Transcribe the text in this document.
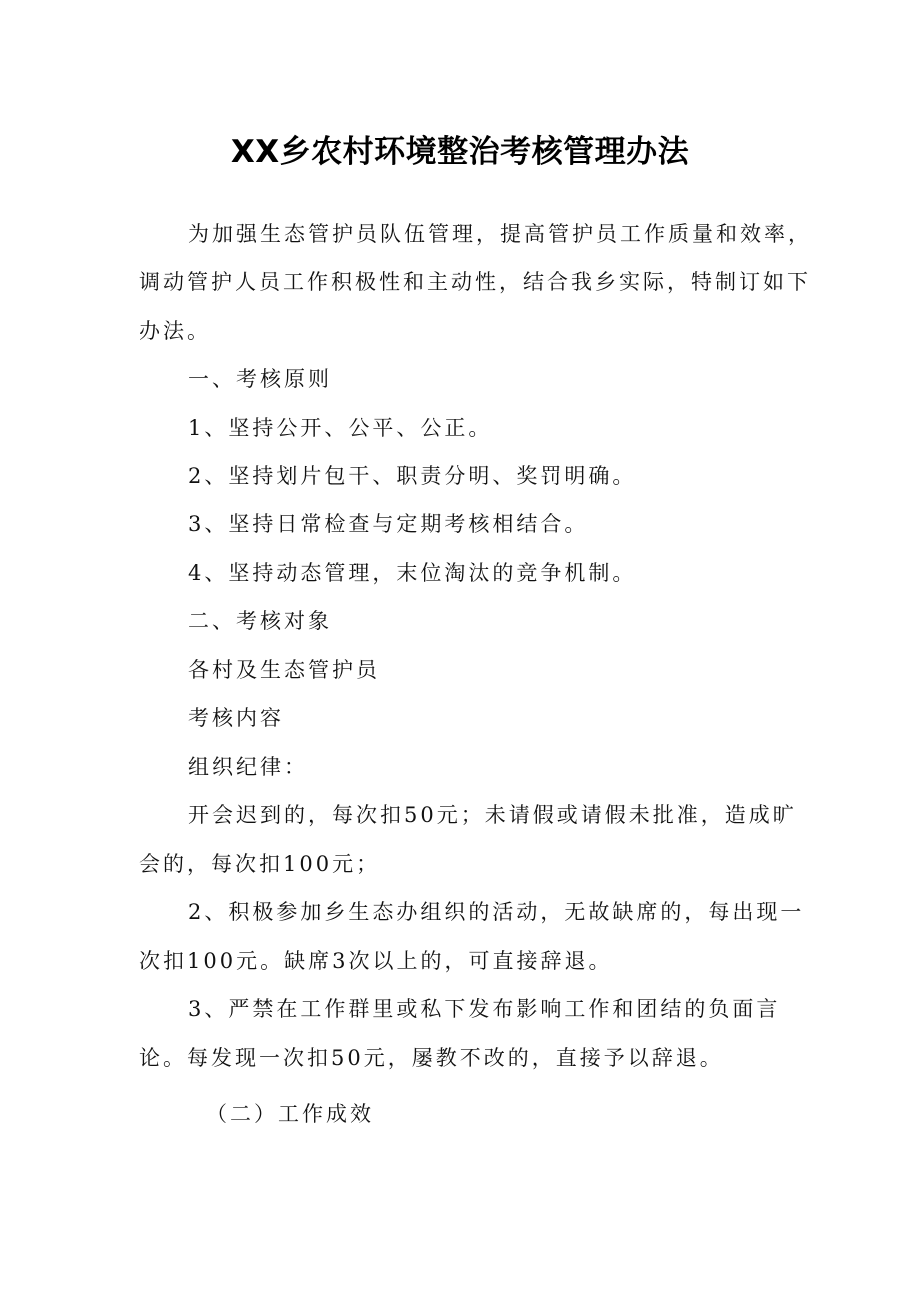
XX乡农村环境整治考核管理办法
为加强生态管护员队伍管理，提高管护员工作质量和效率，
调动管护人员工作积极性和主动性，结合我乡实际，特制订如下
办法。
一、考核原则
1、坚持公开、公平、公正。
2、坚持划片包干、职责分明、奖罚明确。
3、坚持日常检查与定期考核相结合。
4、坚持动态管理，末位淘汰的竞争机制。
二、考核对象
各村及生态管护员
考核内容
组织纪律：
开会迟到的，每次扣50元；未请假或请假未批准，造成旷
会的，每次扣100元；
2、积极参加乡生态办组织的活动，无故缺席的，每出现一
次扣100元。缺席3次以上的，可直接辞退。
3、严禁在工作群里或私下发布影响工作和团结的负面言
论。每发现一次扣50元，屡教不改的，直接予以辞退。
（二）工作成效
